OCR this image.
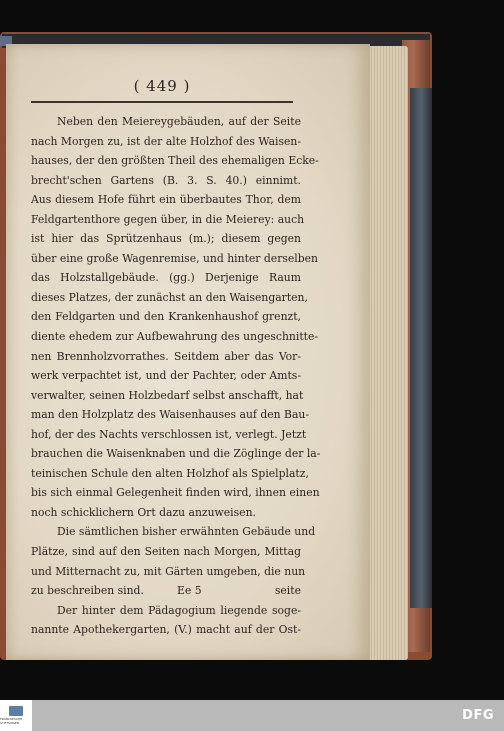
( 449 )
Neben den Meiereygebäuden, auf der Seite
nach Morgen zu, ist der alte Holzhof des Waisen-
hauses, der den größten Theil des ehemaligen Ecke-
brecht'schen Gartens (B. 3. S. 40.) einnimt.
Aus diesem Hofe führt ein überbautes Thor, dem
Feldgartenthore gegen über, in die Meierey: auch
ist hier das Sprützenhaus (m.); diesem gegen
über eine große Wagenremise, und hinter derselben
das Holzstallgebäude. (gg.) Derjenige Raum
dieses Platzes, der zunächst an den Waisengarten,
den Feldgarten und den Krankenhaushof grenzt,
diente ehedem zur Aufbewahrung des ungeschnitte-
nen Brennholzvorrathes. Seitdem aber das Vor-
werk verpachtet ist, und der Pachter, oder Amts-
verwalter, seinen Holzbedarf selbst anschafft, hat
man den Holzplatz des Waisenhauses auf den Bau-
hof, der des Nachts verschlossen ist, verlegt. Jetzt
brauchen die Waisenknaben und die Zöglinge der la-
teinischen Schule den alten Holzhof als Spielplatz,
bis sich einmal Gelegenheit finden wird, ihnen einen
noch schicklichern Ort dazu anzuweisen.
Die sämtlichen bisher erwähnten Gebäude und
Plätze, sind auf den Seiten nach Morgen, Mittag
und Mitternacht zu, mit Gärten umgeben, die nun
zu beschreiben sind.
Der hinter dem Pädagogium liegende soge-
nannte Apothekergarten, (V.) macht auf der Ost-
Ee 5	seite
FRANCKESCHE STIFTUNGEN	DFG
